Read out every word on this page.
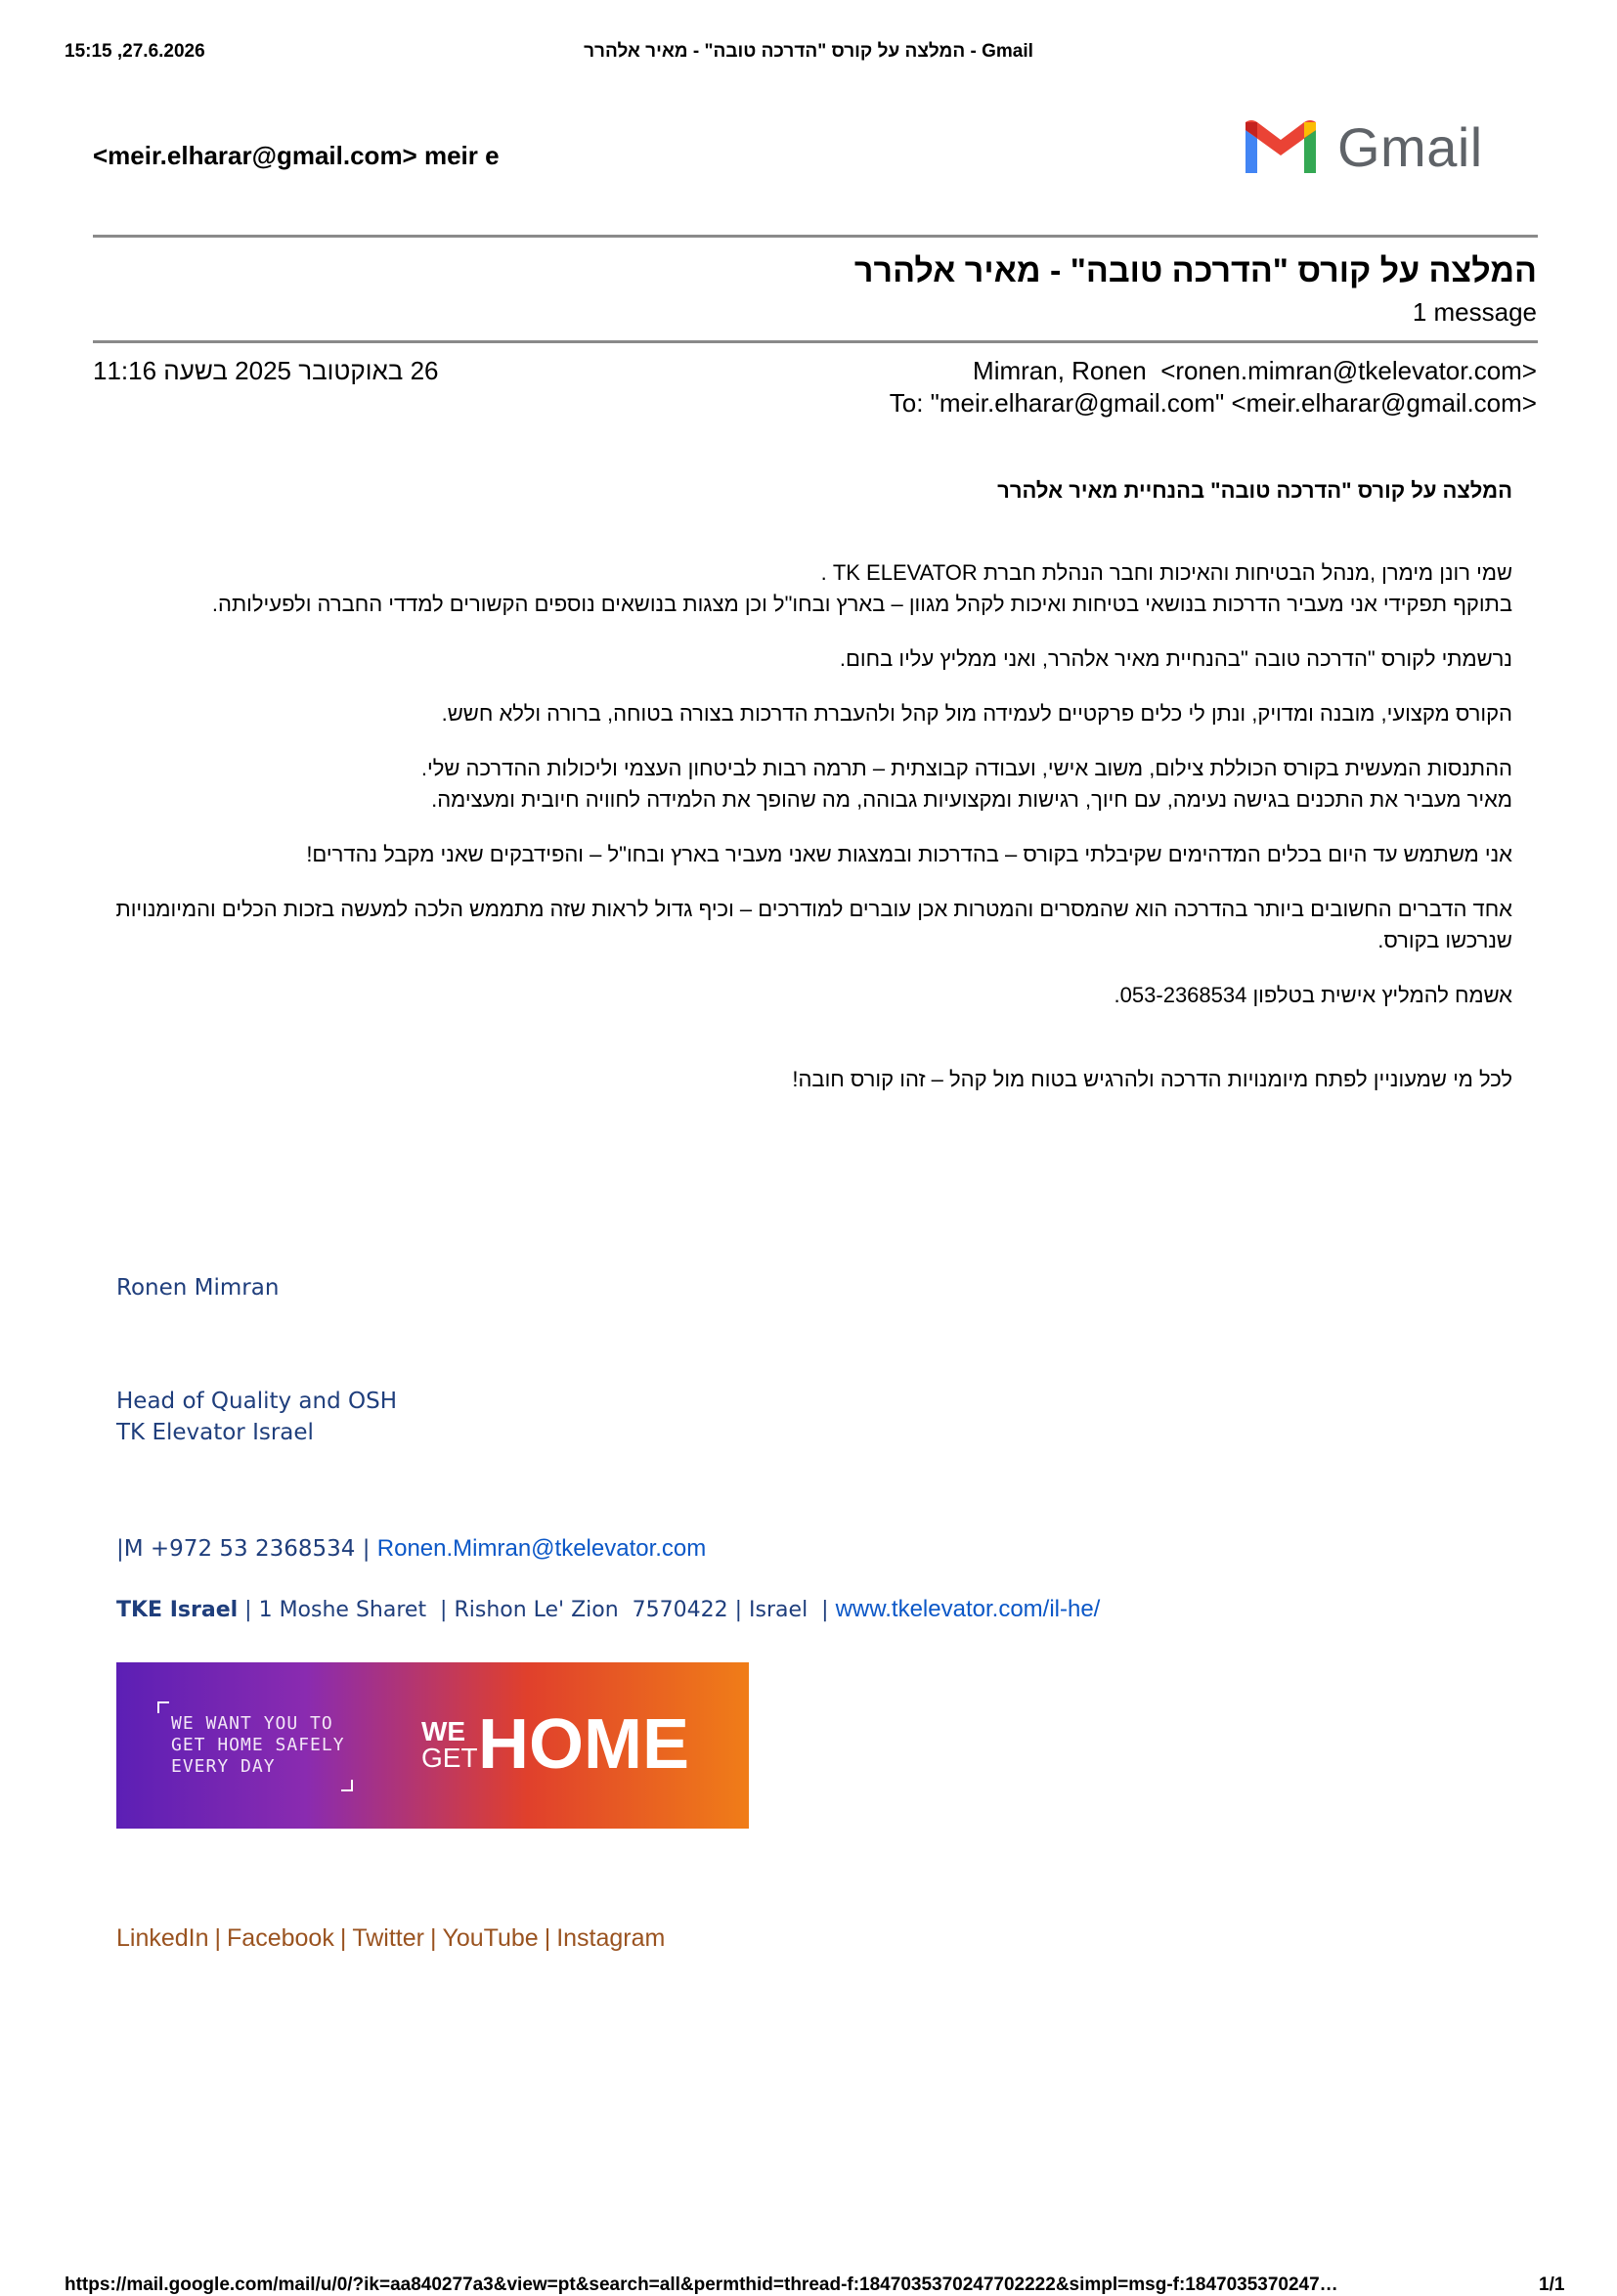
15:15 ,27.6.2026	Gmail - המלצה על קורס "הדרכה טובה" - מאיר אלהרר
<meir.elharar@gmail.com> meir e	Gmail
המלצה על קורס "הדרכה טובה" - מאיר אלהרר
1 message
Mimran, Ronen  <ronen.mimran@tkelevator.com>
To: "meir.elharar@gmail.com" <meir.elharar@gmail.com>
26 באוקטובר 2025 בשעה 11:16

המלצה על קורס "הדרכה טובה" בהנחיית מאיר אלהרר

שמי רונן מימרן ,מנהל הבטיחות והאיכות וחבר הנהלת חברת TK ELEVATOR .

בתוקף תפקידי אני מעביר הדרכות בנושאי בטיחות ואיכות לקהל מגוון – בארץ ובחו"ל וכן מצגות בנושאים נוספים הקשורים למדדי החברה ולפעילותה.

נרשמתי לקורס "הדרכה טובה "בהנחיית מאיר אלהרר, ואני ממליץ עליו בחום.

הקורס מקצועי, מובנה ומדויק, ונתן לי כלים פרקטיים לעמידה מול קהל ולהעברת הדרכות בצורה בטוחה, ברורה וללא חשש.

ההתנסות המעשית בקורס הכוללת צילום, משוב אישי, ועבודה קבוצתית – תרמה רבות לביטחון העצמי וליכולות ההדרכה שלי.

מאיר מעביר את התכנים בגישה נעימה, עם חיוך, רגישות ומקצועיות גבוהה, מה שהופך את הלמידה לחוויה חיובית ומעצימה.

אני משתמש עד היום בכלים המדהימים שקיבלתי בקורס – בהדרכות ובמצגות שאני מעביר בארץ ובחו"ל – והפידבקים שאני מקבל נהדרים!

אחד הדברים החשובים ביותר בהדרכה הוא שהמסרים והמטרות אכן עוברים למודרכים – וכיף גדול לראות שזה מתממש הלכה למעשה בזכות הכלים והמיומנויות שנרכשו בקורס.

אשמח להמליץ אישית בטלפון 053-2368534.

לכל מי שמעוניין לפתח מיומנויות הדרכה ולהרגיש בטוח מול קהל – זהו קורס חובה!

Ronen Mimran
Head of Quality and OSH
TK Elevator Israel
|M +972 53 2368534 | Ronen.Mimran@tkelevator.com
TKE Israel | 1 Moshe Sharet  | Rishon Le' Zion  7570422 | Israel  | www.tkelevator.com/il-he/
WE WANT YOU TO
GET HOME SAFELY
EVERY DAY
WE
GET HOME
LinkedIn | Facebook | Twitter | YouTube | Instagram
https://mail.google.com/mail/u/0/?ik=aa840277a3&view=pt&search=all&permthid=thread-f:1847035370247702222&simpl=msg-f:1847035370247…	1/1
